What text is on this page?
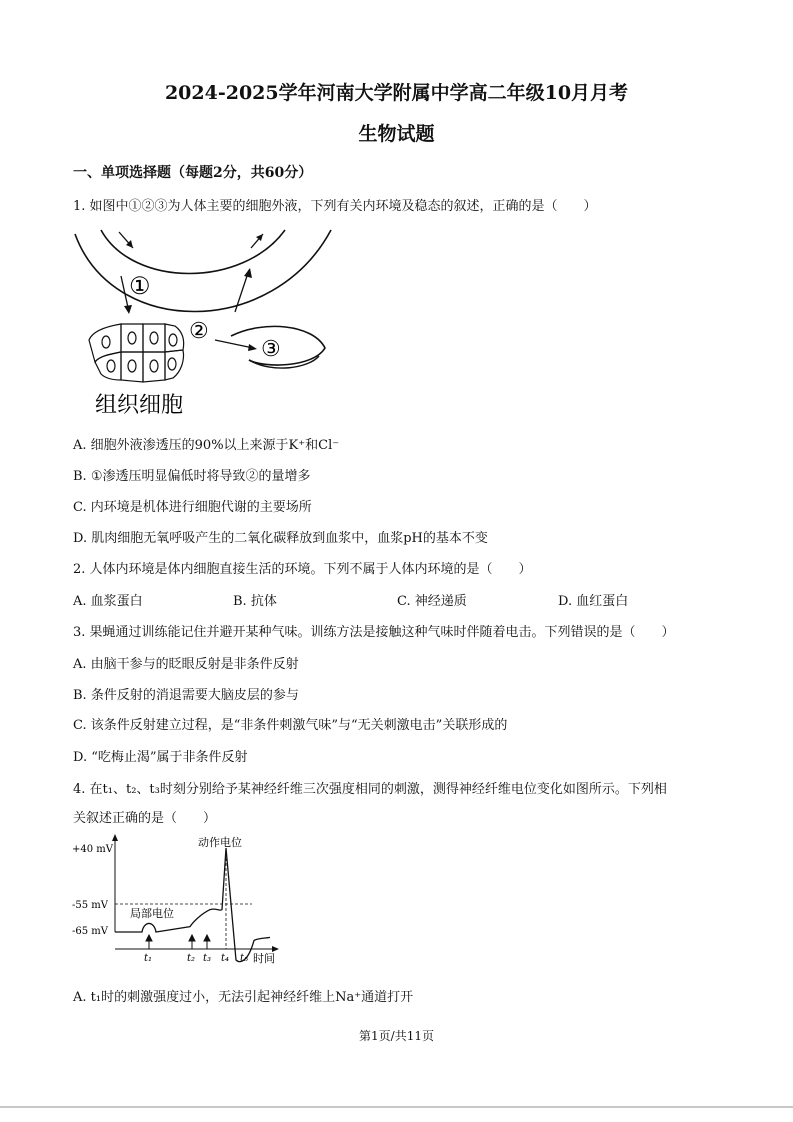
2024-2025学年河南大学附属中学高二年级10月月考
生物试题
一、单项选择题（每题2分，共60分）
1. 如图中①②③为人体主要的细胞外液，下列有关内环境及稳态的叙述，正确的是（　　）
①
②
③
组织细胞
A. 细胞外液渗透压的90%以上来源于K⁺和Cl⁻
B. ①渗透压明显偏低时将导致②的量增多
C. 内环境是机体进行细胞代谢的主要场所
D. 肌肉细胞无氧呼吸产生的二氧化碳释放到血浆中，血浆pH的基本不变
2. 人体内环境是体内细胞直接生活的环境。下列不属于人体内环境的是（　　）
A. 血浆蛋白	B. 抗体	C. 神经递质	D. 血红蛋白
3. 果蝇通过训练能记住并避开某种气味。训练方法是接触这种气味时伴随着电击。下列错误的是（　　）
A. 由脑干参与的眨眼反射是非条件反射
B. 条件反射的消退需要大脑皮层的参与
C. 该条件反射建立过程，是“非条件刺激气味”与“无关刺激电击”关联形成的
D. “吃梅止渴”属于非条件反射
4. 在t₁、t₂、t₃时刻分别给予某神经纤维三次强度相同的刺激，测得神经纤维电位变化如图所示。下列相
关叙述正确的是（　　）
+40 mV
-55 mV
-65 mV
动作电位
局部电位
t₁	t₂ t₃ t₄ t₅ 时间
A. t₁时的刺激强度过小，无法引起神经纤维上Na⁺通道打开
第1页/共11页
